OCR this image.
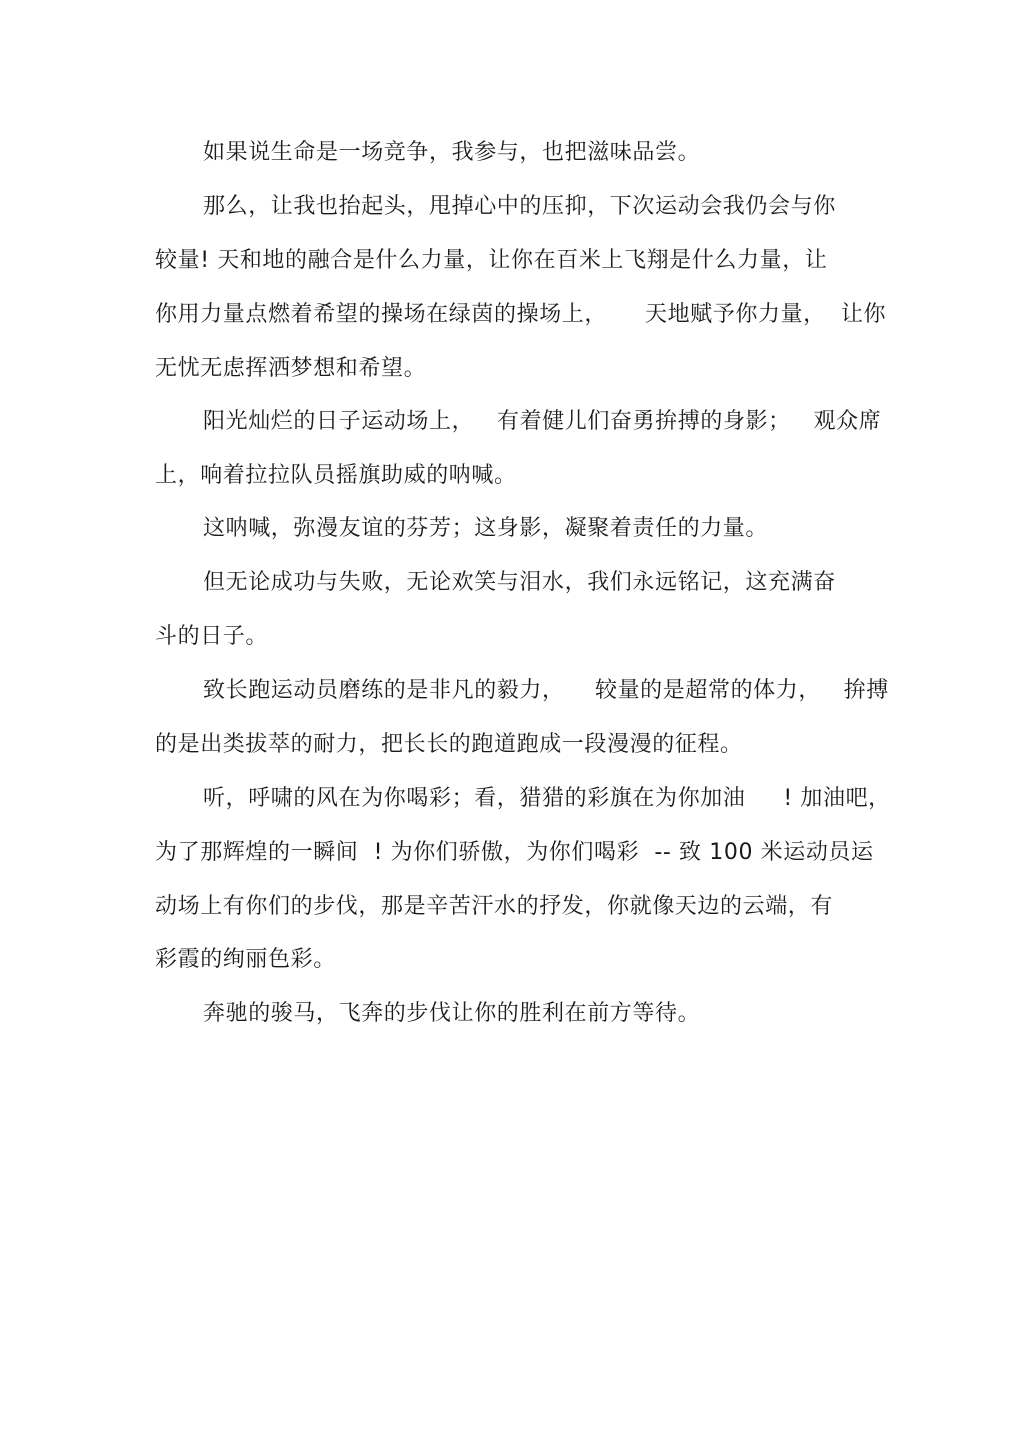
如果说生命是一场竞争，我参与，也把滋味品尝。
那么，让我也抬起头，甩掉心中的压抑，下次运动会我仍会与你
较量! 天和地的融合是什么力量，让你在百米上飞翔是什么力量，让
你用力量点燃着希望的操场在绿茵的操场上，     天地赋予你力量，  让你
无忧无虑挥洒梦想和希望。
阳光灿烂的日子运动场上，   有着健儿们奋勇拚搏的身影；   观众席
上，响着拉拉队员摇旗助威的呐喊。
这呐喊，弥漫友谊的芬芳；这身影，凝聚着责任的力量。
但无论成功与失败，无论欢笑与泪水，我们永远铭记，这充满奋
斗的日子。
致长跑运动员磨练的是非凡的毅力，    较量的是超常的体力，   拚搏
的是出类拔萃的耐力，把长长的跑道跑成一段漫漫的征程。
听，呼啸的风在为你喝彩；看，猎猎的彩旗在为你加油     ! 加油吧，
为了那辉煌的一瞬间  ! 为你们骄傲，为你们喝彩  -- 致 100 米运动员运
动场上有你们的步伐，那是辛苦汗水的抒发，你就像天边的云端，有
彩霞的绚丽色彩。
奔驰的骏马，飞奔的步伐让你的胜利在前方等待。
